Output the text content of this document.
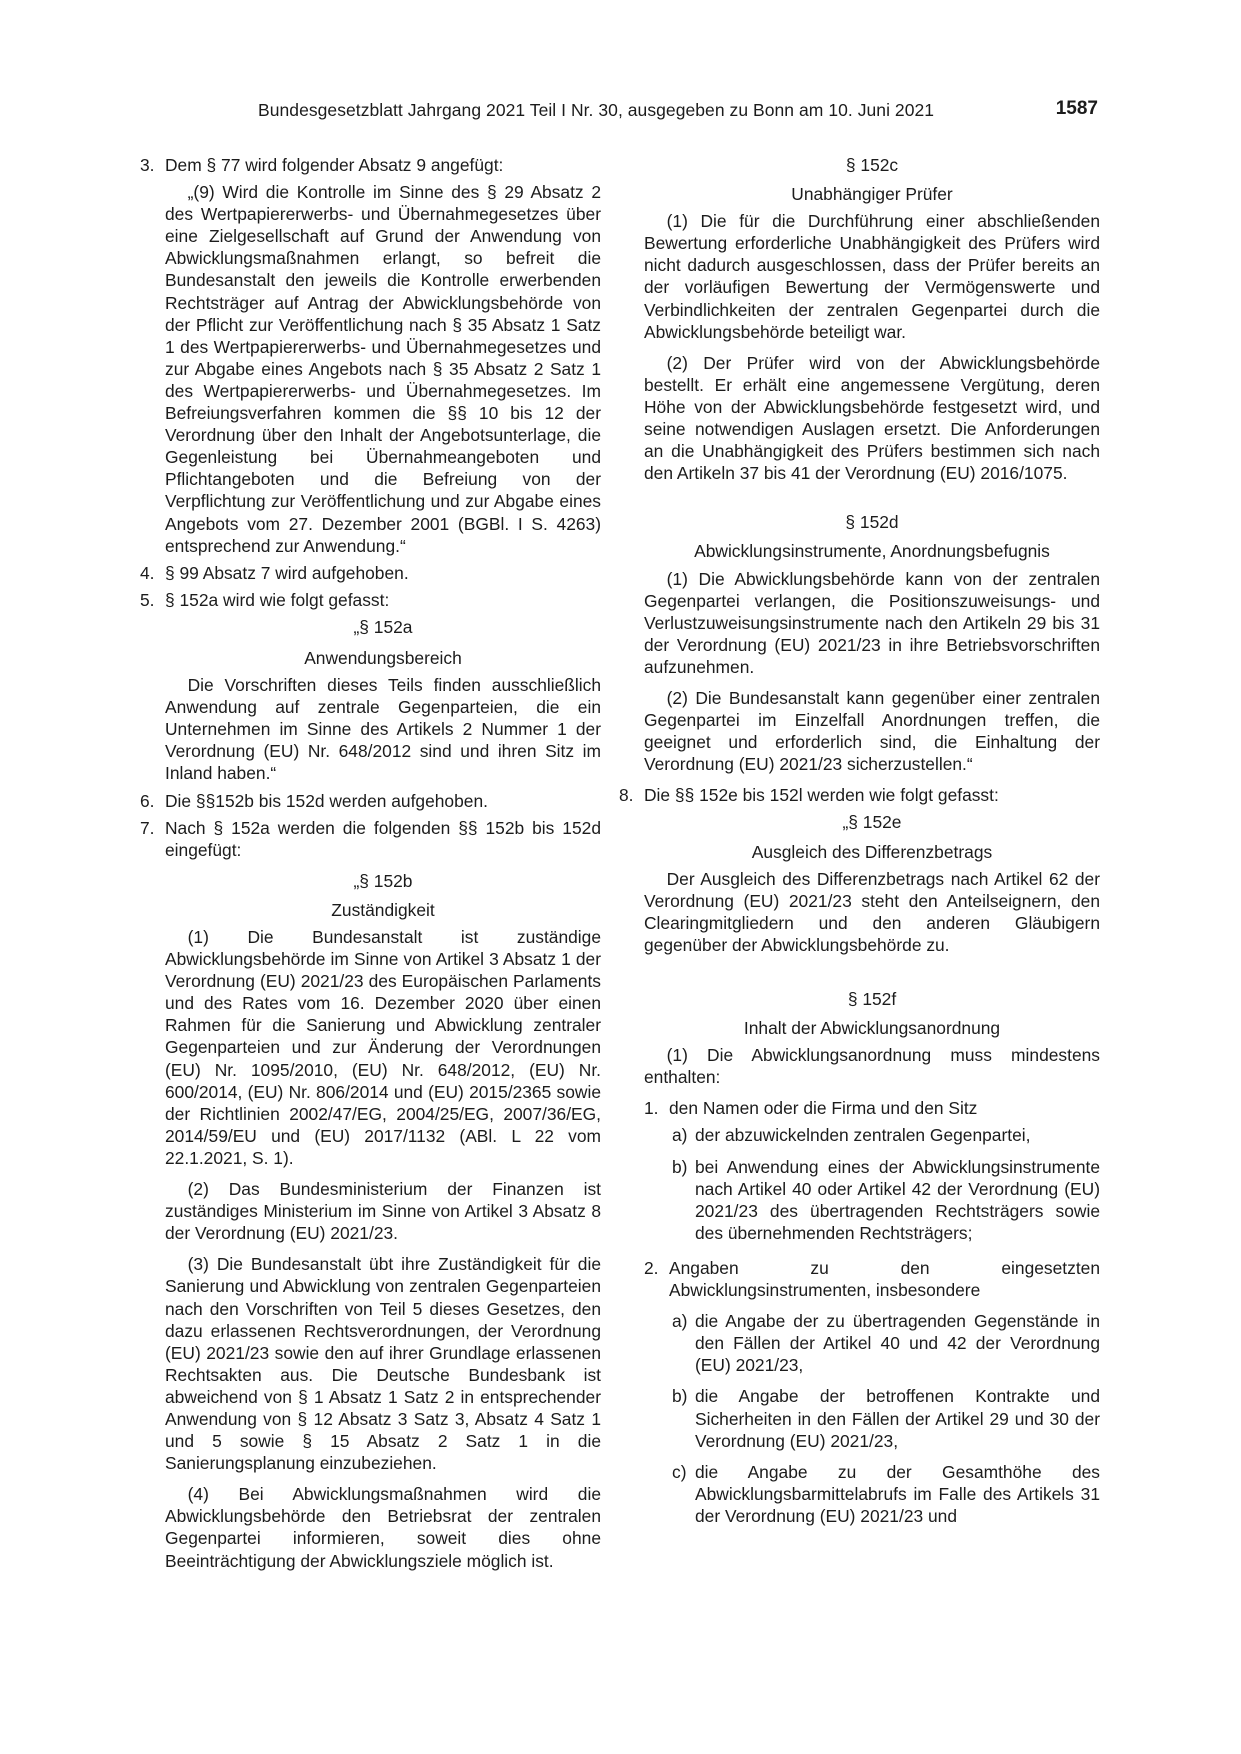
Bundesgesetzblatt Jahrgang 2021 Teil I Nr. 30, ausgegeben zu Bonn am 10. Juni 2021	1587
3. Dem § 77 wird folgender Absatz 9 angefügt:

„(9) Wird die Kontrolle im Sinne des § 29 Absatz 2 des Wertpapiererwerbs- und Übernahmegesetzes über eine Zielgesellschaft auf Grund der Anwendung von Abwicklungsmaßnahmen erlangt, so befreit die Bundesanstalt den jeweils die Kontrolle erwerbenden Rechtsträger auf Antrag der Abwicklungsbehörde von der Pflicht zur Veröffentlichung nach § 35 Absatz 1 Satz 1 des Wertpapiererwerbs- und Übernahmegesetzes und zur Abgabe eines Angebots nach § 35 Absatz 2 Satz 1 des Wertpapiererwerbs- und Übernahmegesetzes. Im Befreiungsverfahren kommen die §§ 10 bis 12 der Verordnung über den Inhalt der Angebotsunterlage, die Gegenleistung bei Übernahmeangeboten und Pflichtangeboten und die Befreiung von der Verpflichtung zur Veröffentlichung und zur Abgabe eines Angebots vom 27. Dezember 2001 (BGBl. I S. 4263) entsprechend zur Anwendung.“

4. § 99 Absatz 7 wird aufgehoben.

5. § 152a wird wie folgt gefasst:

„§ 152a

Anwendungsbereich

Die Vorschriften dieses Teils finden ausschließlich Anwendung auf zentrale Gegenparteien, die ein Unternehmen im Sinne des Artikels 2 Nummer 1 der Verordnung (EU) Nr. 648/2012 sind und ihren Sitz im Inland haben.“

6. Die §§152b bis 152d werden aufgehoben.

7. Nach § 152a werden die folgenden §§ 152b bis 152d eingefügt:

„§ 152b

Zuständigkeit

(1) Die Bundesanstalt ist zuständige Abwicklungsbehörde im Sinne von Artikel 3 Absatz 1 der Verordnung (EU) 2021/23 des Europäischen Parlaments und des Rates vom 16. Dezember 2020 über einen Rahmen für die Sanierung und Abwicklung zentraler Gegenparteien und zur Änderung der Verordnungen (EU) Nr. 1095/2010, (EU) Nr. 648/2012, (EU) Nr. 600/2014, (EU) Nr. 806/2014 und (EU) 2015/2365 sowie der Richtlinien 2002/47/EG, 2004/25/EG, 2007/36/EG, 2014/59/EU und (EU) 2017/1132 (ABl. L 22 vom 22.1.2021, S. 1).

(2) Das Bundesministerium der Finanzen ist zuständiges Ministerium im Sinne von Artikel 3 Absatz 8 der Verordnung (EU) 2021/23.

(3) Die Bundesanstalt übt ihre Zuständigkeit für die Sanierung und Abwicklung von zentralen Gegenparteien nach den Vorschriften von Teil 5 dieses Gesetzes, den dazu erlassenen Rechtsverordnungen, der Verordnung (EU) 2021/23 sowie den auf ihrer Grundlage erlassenen Rechtsakten aus. Die Deutsche Bundesbank ist abweichend von § 1 Absatz 1 Satz 2 in entsprechender Anwendung von § 12 Absatz 3 Satz 3, Absatz 4 Satz 1 und 5 sowie § 15 Absatz 2 Satz 1 in die Sanierungsplanung einzubeziehen.

(4) Bei Abwicklungsmaßnahmen wird die Abwicklungsbehörde den Betriebsrat der zentralen Gegenpartei informieren, soweit dies ohne Beeinträchtigung der Abwicklungsziele möglich ist.

§ 152c

Unabhängiger Prüfer

(1) Die für die Durchführung einer abschließenden Bewertung erforderliche Unabhängigkeit des Prüfers wird nicht dadurch ausgeschlossen, dass der Prüfer bereits an der vorläufigen Bewertung der Vermögenswerte und Verbindlichkeiten der zentralen Gegenpartei durch die Abwicklungsbehörde beteiligt war.

(2) Der Prüfer wird von der Abwicklungsbehörde bestellt. Er erhält eine angemessene Vergütung, deren Höhe von der Abwicklungsbehörde festgesetzt wird, und seine notwendigen Auslagen ersetzt. Die Anforderungen an die Unabhängigkeit des Prüfers bestimmen sich nach den Artikeln 37 bis 41 der Verordnung (EU) 2016/1075.

§ 152d

Abwicklungsinstrumente, Anordnungsbefugnis

(1) Die Abwicklungsbehörde kann von der zentralen Gegenpartei verlangen, die Positionszuweisungs- und Verlustzuweisungsinstrumente nach den Artikeln 29 bis 31 der Verordnung (EU) 2021/23 in ihre Betriebsvorschriften aufzunehmen.

(2) Die Bundesanstalt kann gegenüber einer zentralen Gegenpartei im Einzelfall Anordnungen treffen, die geeignet und erforderlich sind, die Einhaltung der Verordnung (EU) 2021/23 sicherzustellen.“

8. Die §§ 152e bis 152l werden wie folgt gefasst:

„§ 152e

Ausgleich des Differenzbetrags

Der Ausgleich des Differenzbetrags nach Artikel 62 der Verordnung (EU) 2021/23 steht den Anteilseignern, den Clearingmitgliedern und den anderen Gläubigern gegenüber der Abwicklungsbehörde zu.

§ 152f

Inhalt der Abwicklungsanordnung

(1) Die Abwicklungsanordnung muss mindestens enthalten:

1. den Namen oder die Firma und den Sitz

a) der abzuwickelnden zentralen Gegenpartei,

b) bei Anwendung eines der Abwicklungsinstrumente nach Artikel 40 oder Artikel 42 der Verordnung (EU) 2021/23 des übertragenden Rechtsträgers sowie des übernehmenden Rechtsträgers;

2. Angaben zu den eingesetzten Abwicklungsinstrumenten, insbesondere

a) die Angabe der zu übertragenden Gegenstände in den Fällen der Artikel 40 und 42 der Verordnung (EU) 2021/23,

b) die Angabe der betroffenen Kontrakte und Sicherheiten in den Fällen der Artikel 29 und 30 der Verordnung (EU) 2021/23,

c) die Angabe zu der Gesamthöhe des Abwicklungsbarmittelabrufs im Falle des Artikels 31 der Verordnung (EU) 2021/23 und
